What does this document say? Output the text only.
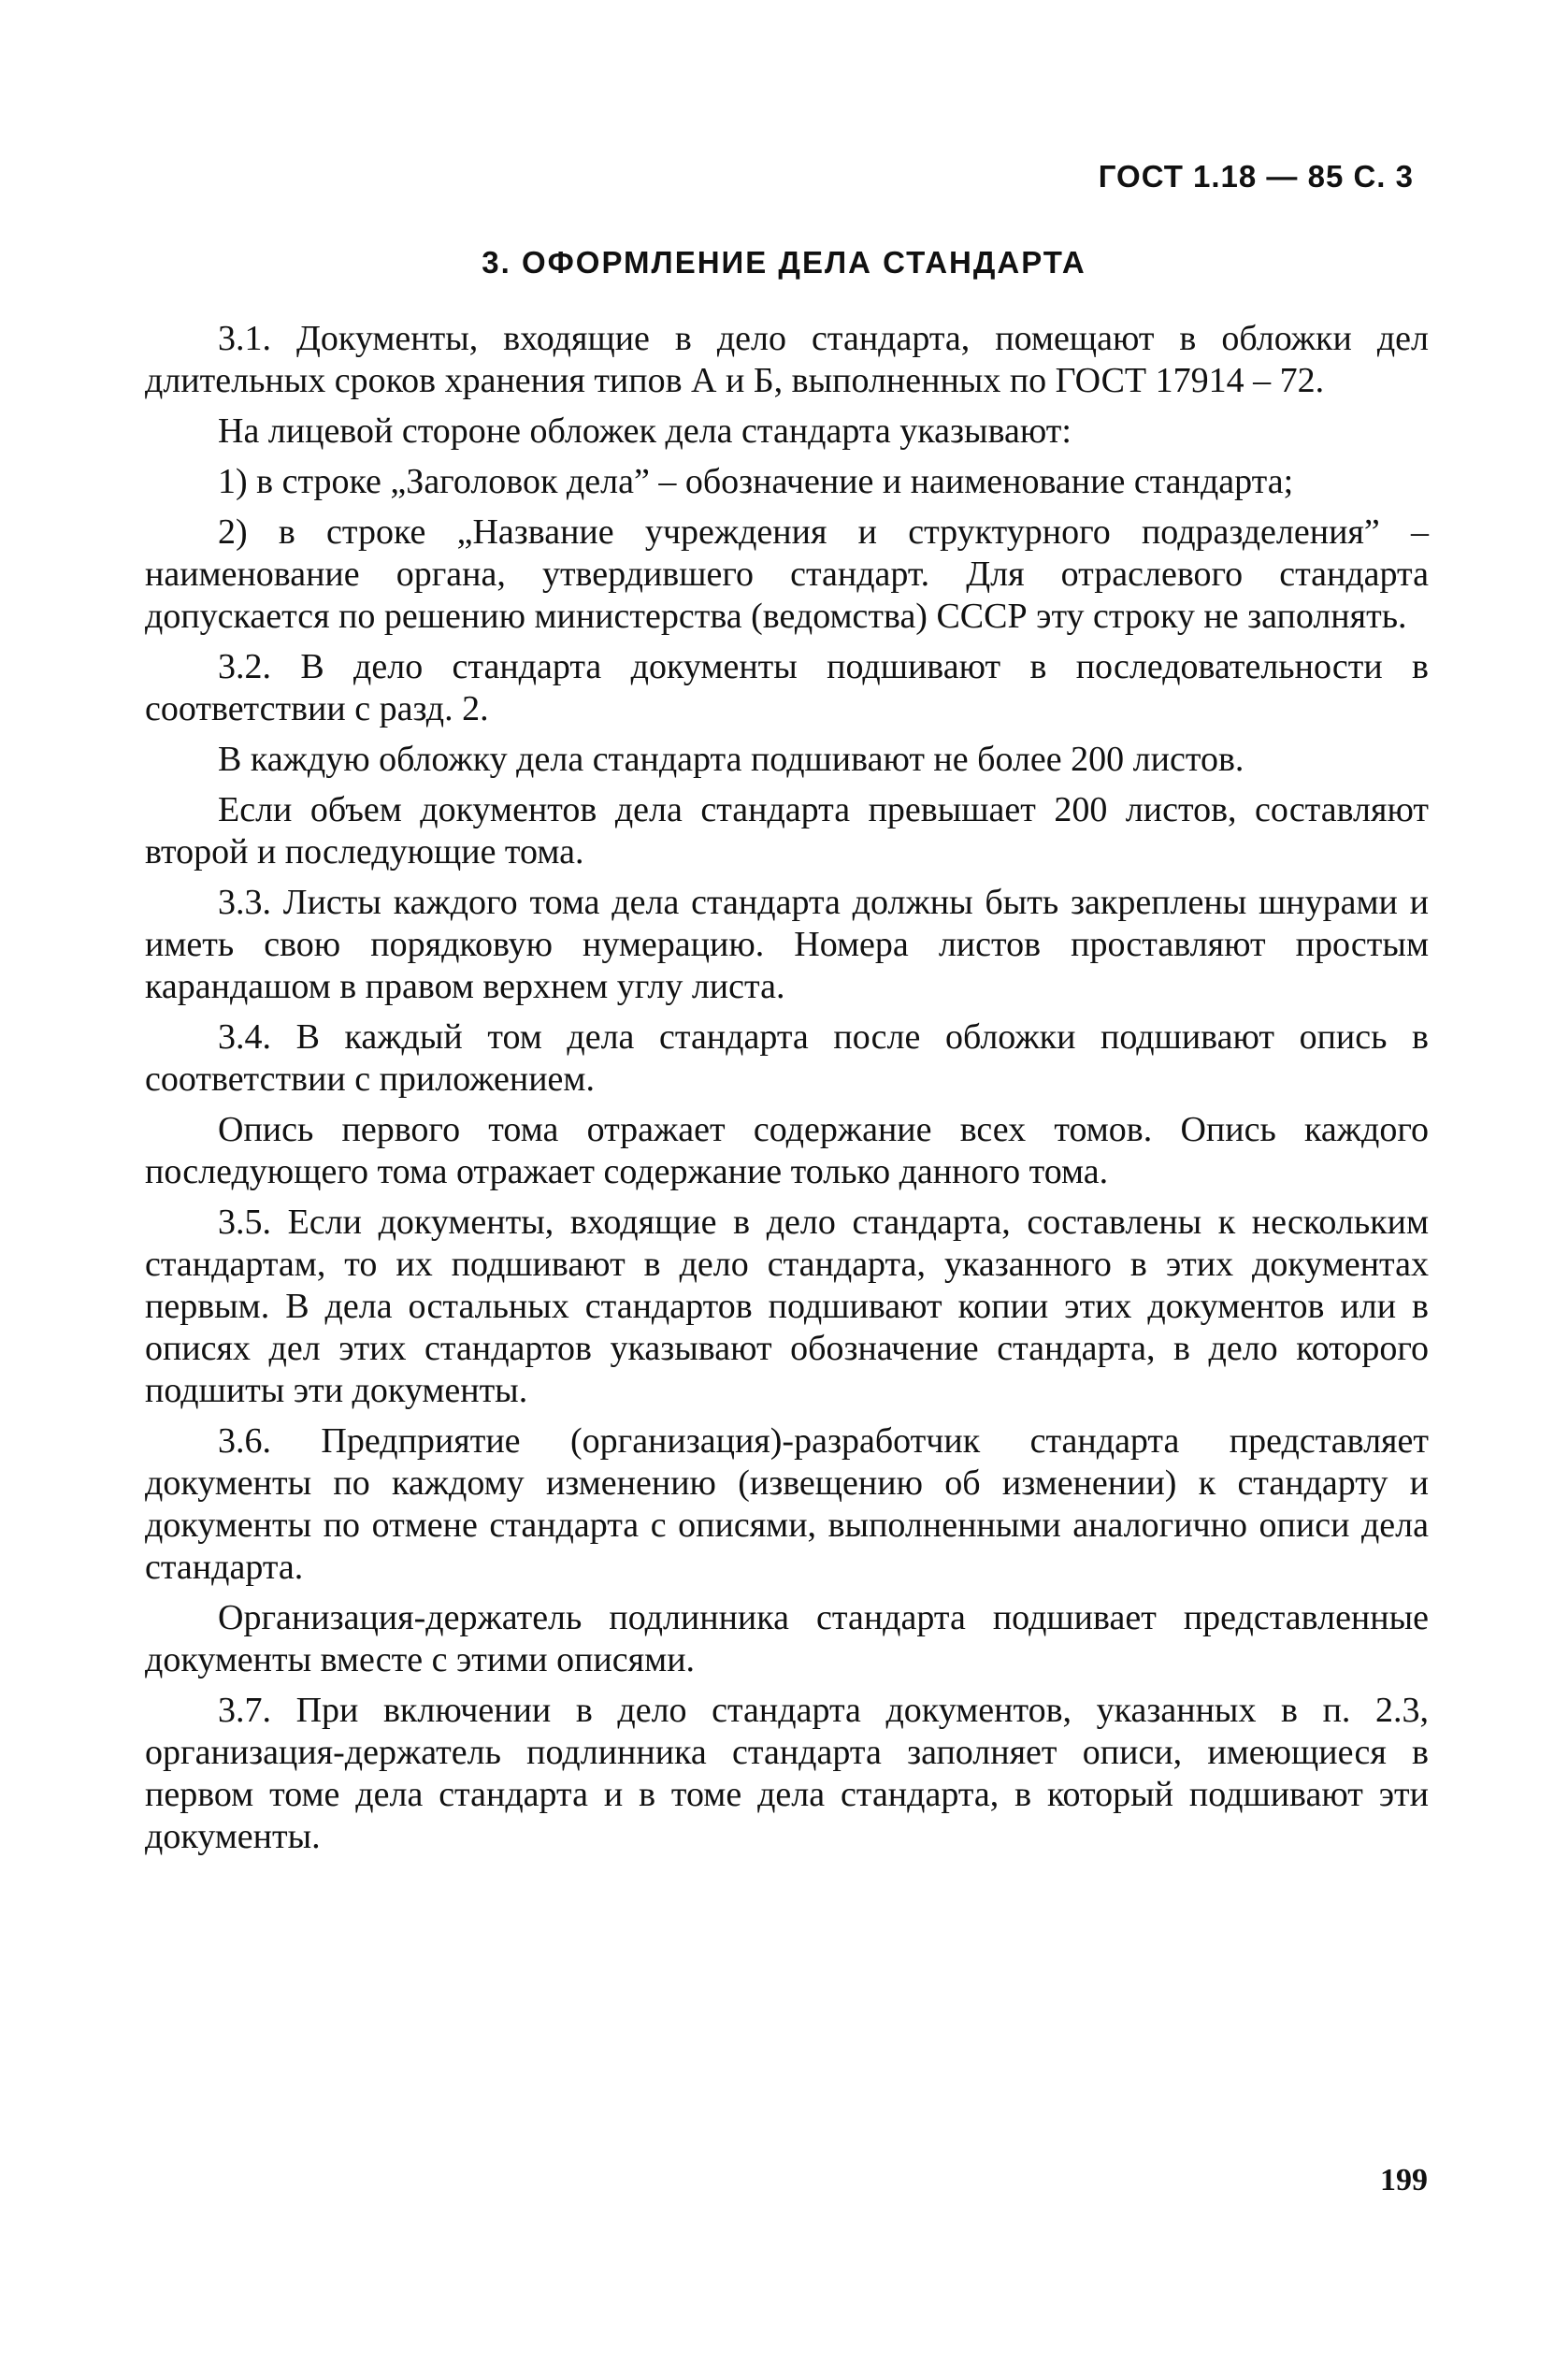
ГОСТ 1.18 — 85 С. 3
3. ОФОРМЛЕНИЕ ДЕЛА СТАНДАРТА

3.1. Документы, входящие в дело стандарта, помещают в обложки дел длительных сроков хранения типов А и Б, выполненных по ГОСТ 17914 – 72.

На лицевой стороне обложек дела стандарта указывают:

1) в строке „Заголовок дела” – обозначение и наименование стандарта;

2) в строке „Название учреждения и структурного подразделения” – наименование органа, утвердившего стандарт. Для отраслевого стандарта допускается по решению министерства (ведомства) СССР эту строку не заполнять.

3.2. В дело стандарта документы подшивают в последовательности в соответствии с разд. 2.

В каждую обложку дела стандарта подшивают не более 200 листов.

Если объем документов дела стандарта превышает 200 листов, составляют второй и последующие тома.

3.3. Листы каждого тома дела стандарта должны быть закреплены шнурами и иметь свою порядковую нумерацию. Номера листов проставляют простым карандашом в правом верхнем углу листа.

3.4. В каждый том дела стандарта после обложки подшивают опись в соответствии с приложением.

Опись первого тома отражает содержание всех томов. Опись каждого последующего тома отражает содержание только данного тома.

3.5. Если документы, входящие в дело стандарта, составлены к нескольким стандартам, то их подшивают в дело стандарта, указанного в этих документах первым. В дела остальных стандартов подшивают копии этих документов или в описях дел этих стандартов указывают обозначение стандарта, в дело которого подшиты эти документы.

3.6. Предприятие (организация)-разработчик стандарта представляет документы по каждому изменению (извещению об изменении) к стандарту и документы по отмене стандарта с описями, выполненными аналогично описи дела стандарта.

Организация-держатель подлинника стандарта подшивает представленные документы вместе с этими описями.

3.7. При включении в дело стандарта документов, указанных в п. 2.3, организация-держатель подлинника стандарта заполняет описи, имеющиеся в первом томе дела стандарта и в томе дела стандарта, в который подшивают эти документы.

199
